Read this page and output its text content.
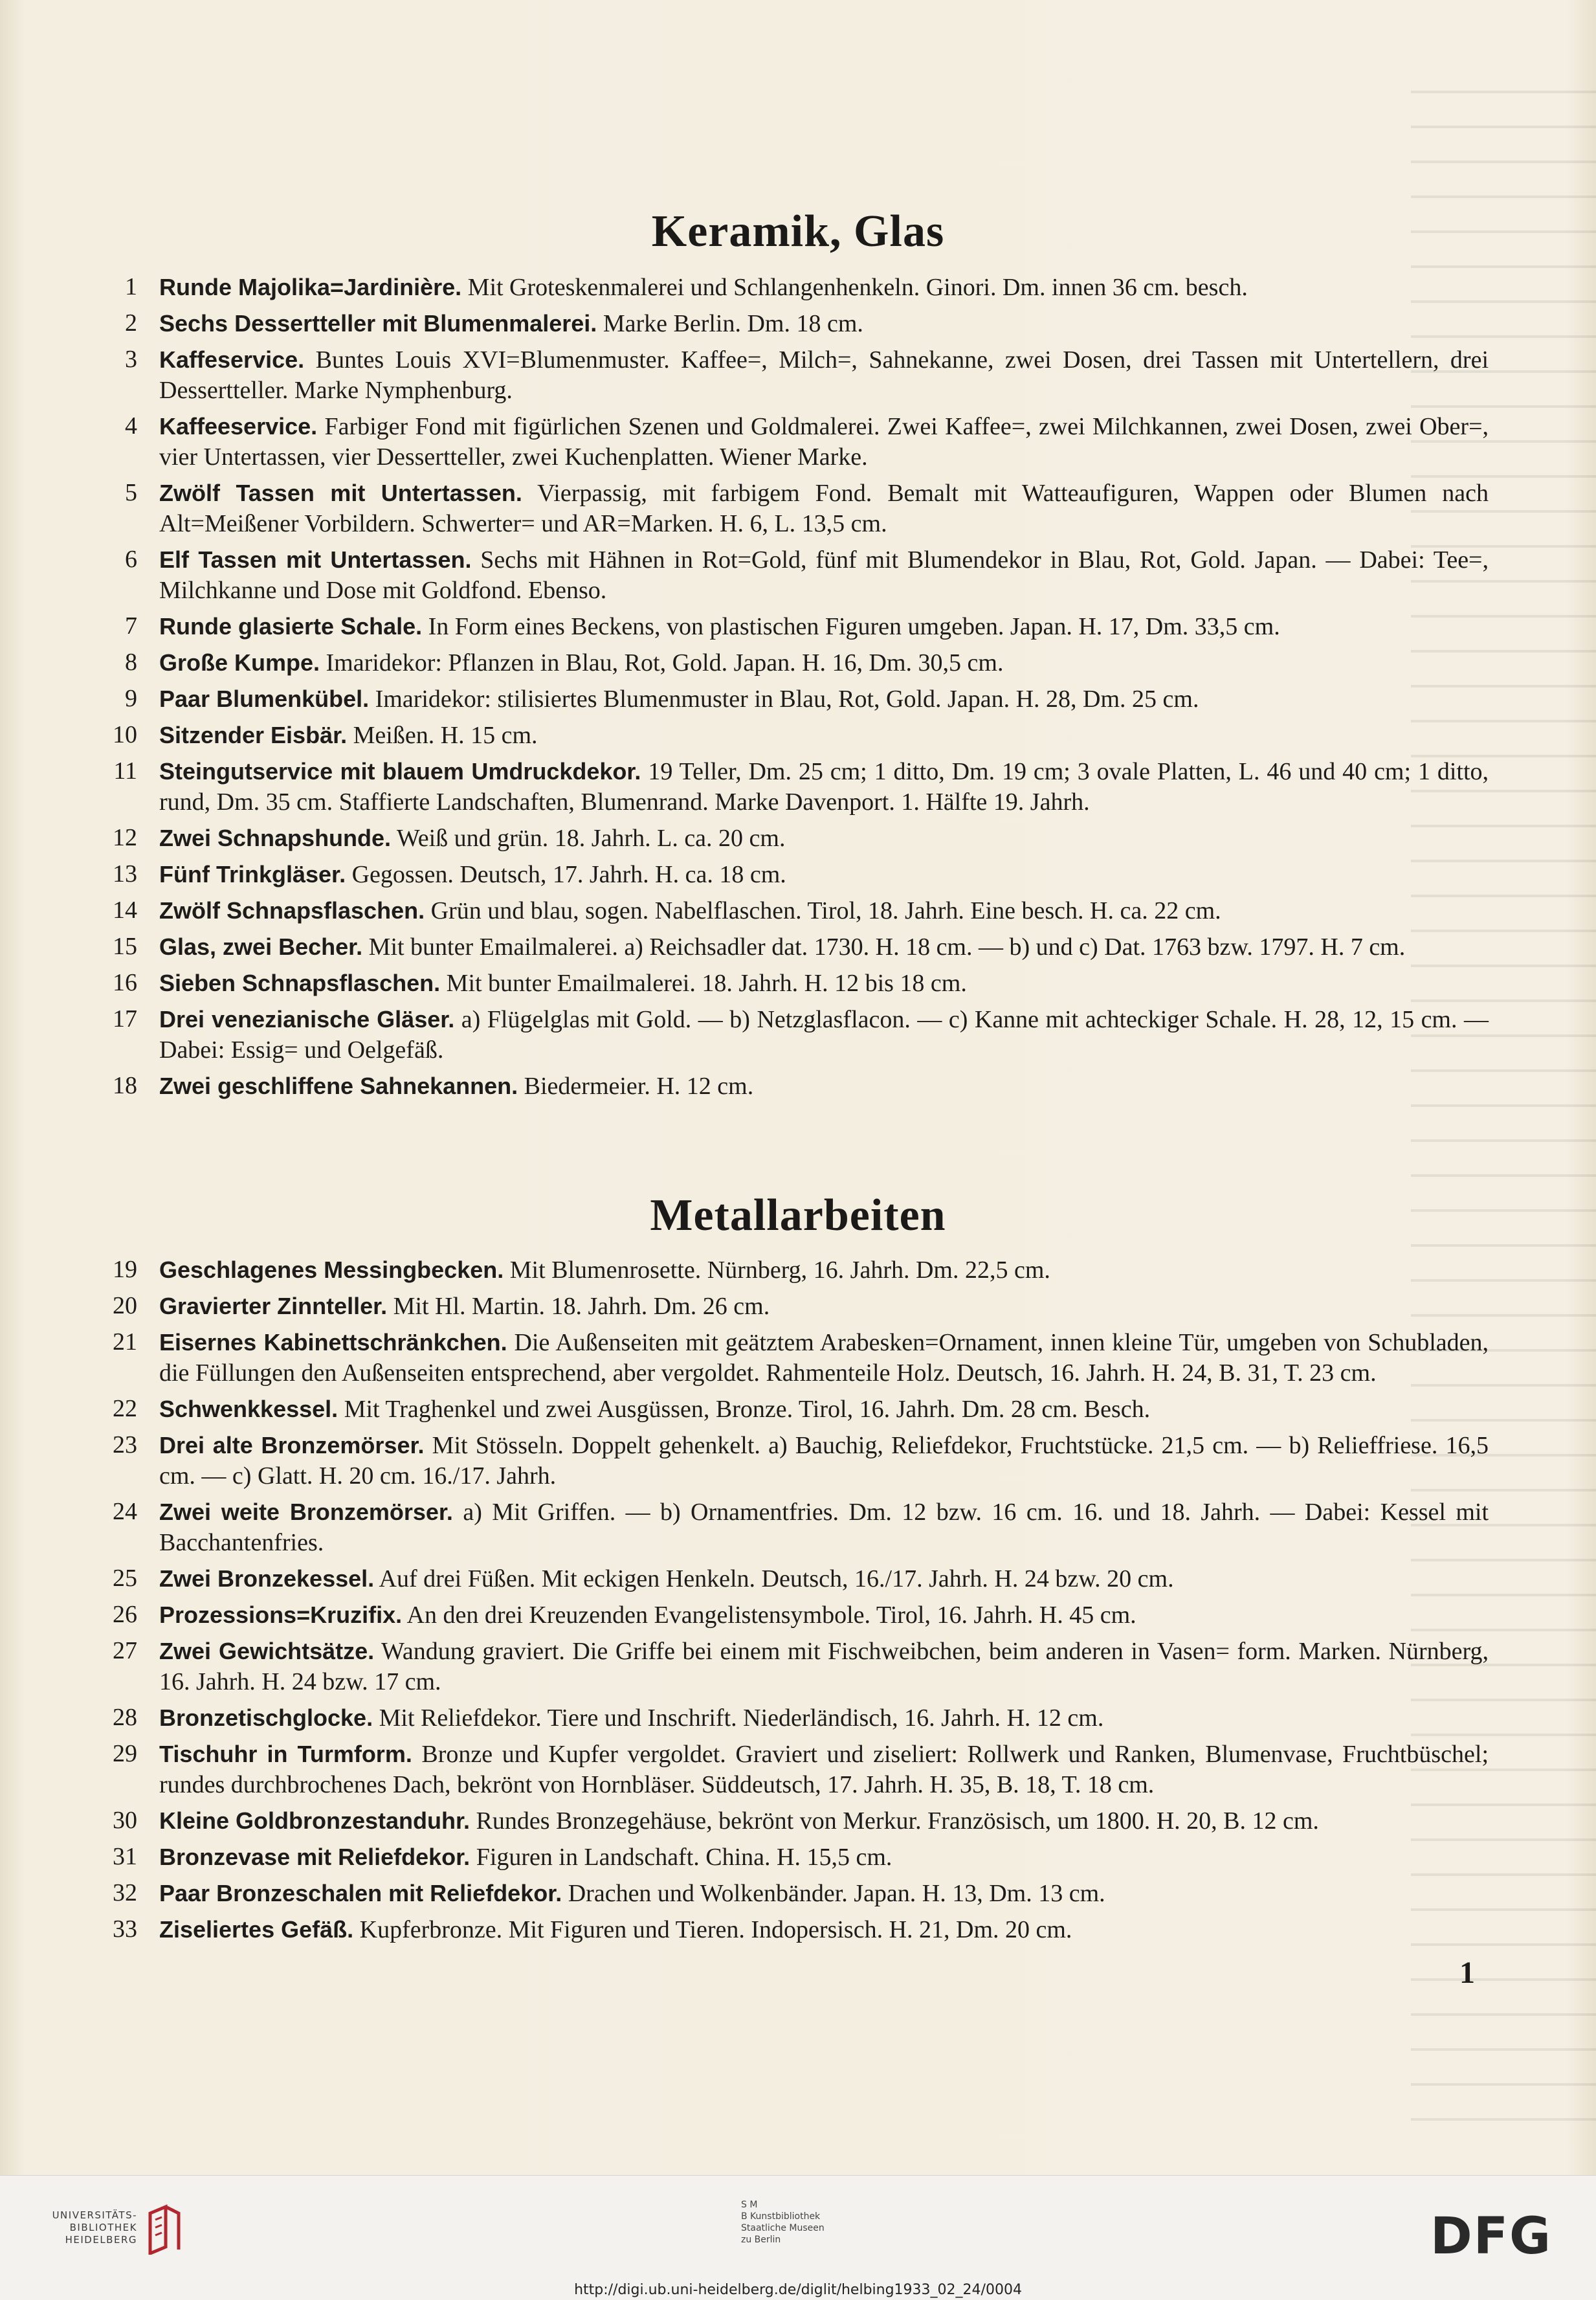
Keramik, Glas
1 Runde Majolika=Jardinière. Mit Groteskenmalerei und Schlangenhenkeln. Ginori. Dm. innen 36 cm. besch.
2 Sechs Dessertteller mit Blumenmalerei. Marke Berlin. Dm. 18 cm.
3 Kaffeservice. Buntes Louis XVI=Blumenmuster. Kaffee=, Milch=, Sahnekanne, zwei Dosen, drei Tassen mit Untertellern, drei Dessertteller. Marke Nymphenburg.
4 Kaffeeservice. Farbiger Fond mit figürlichen Szenen und Goldmalerei. Zwei Kaffee=, zwei Milchkannen, zwei Dosen, zwei Ober=, vier Untertassen, vier Dessertteller, zwei Kuchenplatten. Wiener Marke.
5 Zwölf Tassen mit Untertassen. Vierpassig, mit farbigem Fond. Bemalt mit Watteaufiguren, Wappen oder Blumen nach Alt=Meißener Vorbildern. Schwerter= und AR=Marken. H. 6, L. 13,5 cm.
6 Elf Tassen mit Untertassen. Sechs mit Hähnen in Rot=Gold, fünf mit Blumendekor in Blau, Rot, Gold. Japan. — Dabei: Tee=, Milchkanne und Dose mit Goldfond. Ebenso.
7 Runde glasierte Schale. In Form eines Beckens, von plastischen Figuren umgeben. Japan. H. 17, Dm. 33,5 cm.
8 Große Kumpe. Imaridekor: Pflanzen in Blau, Rot, Gold. Japan. H. 16, Dm. 30,5 cm.
9 Paar Blumenkübel. Imaridekor: stilisiertes Blumenmuster in Blau, Rot, Gold. Japan. H. 28, Dm. 25 cm.
10 Sitzender Eisbär. Meißen. H. 15 cm.
11 Steingutservice mit blauem Umdruckdekor. 19 Teller, Dm. 25 cm; 1 ditto, Dm. 19 cm; 3 ovale Platten, L. 46 und 40 cm; 1 ditto, rund, Dm. 35 cm. Staffierte Landschaften, Blumenrand. Marke Davenport. 1. Hälfte 19. Jahrh.
12 Zwei Schnapshunde. Weiß und grün. 18. Jahrh. L. ca. 20 cm.
13 Fünf Trinkgläser. Gegossen. Deutsch, 17. Jahrh. H. ca. 18 cm.
14 Zwölf Schnapsflaschen. Grün und blau, sogen. Nabelflaschen. Tirol, 18. Jahrh. Eine besch. H. ca. 22 cm.
15 Glas, zwei Becher. Mit bunter Emailmalerei. a) Reichsadler dat. 1730. H. 18 cm. — b) und c) Dat. 1763 bzw. 1797. H. 7 cm.
16 Sieben Schnapsflaschen. Mit bunter Emailmalerei. 18. Jahrh. H. 12 bis 18 cm.
17 Drei venezianische Gläser. a) Flügelglas mit Gold. — b) Netzglasflacon. — c) Kanne mit achteckiger Schale. H. 28, 12, 15 cm. — Dabei: Essig= und Oelgefäß.
18 Zwei geschliffene Sahnekannen. Biedermeier. H. 12 cm.
Metallarbeiten
19 Geschlagenes Messingbecken. Mit Blumenrosette. Nürnberg, 16. Jahrh. Dm. 22,5 cm.
20 Gravierter Zinnteller. Mit Hl. Martin. 18. Jahrh. Dm. 26 cm.
21 Eisernes Kabinettschränkchen. Die Außenseiten mit geätztem Arabesken=Ornament, innen kleine Tür, umgeben von Schubladen, die Füllungen den Außenseiten entsprechend, aber vergoldet. Rahmenteile Holz. Deutsch, 16. Jahrh. H. 24, B. 31, T. 23 cm.
22 Schwenkkessel. Mit Traghenkel und zwei Ausgüssen, Bronze. Tirol, 16. Jahrh. Dm. 28 cm. Besch.
23 Drei alte Bronzemörser. Mit Stösseln. Doppelt gehenkelt. a) Bauchig, Reliefdekor, Fruchtstücke. 21,5 cm. — b) Relieffriese. 16,5 cm. — c) Glatt. H. 20 cm. 16./17. Jahrh.
24 Zwei weite Bronzemörser. a) Mit Griffen. — b) Ornamentfries. Dm. 12 bzw. 16 cm. 16. und 18. Jahrh. — Dabei: Kessel mit Bacchantenfries.
25 Zwei Bronzekessel. Auf drei Füßen. Mit eckigen Henkeln. Deutsch, 16./17. Jahrh. H. 24 bzw. 20 cm.
26 Prozessions=Kruzifix. An den drei Kreuzenden Evangelistensymbole. Tirol, 16. Jahrh. H. 45 cm.
27 Zwei Gewichtsätze. Wandung graviert. Die Griffe bei einem mit Fischweibchen, beim anderen in Vasen= form. Marken. Nürnberg, 16. Jahrh. H. 24 bzw. 17 cm.
28 Bronzetischglocke. Mit Reliefdekor. Tiere und Inschrift. Niederländisch, 16. Jahrh. H. 12 cm.
29 Tischuhr in Turmform. Bronze und Kupfer vergoldet. Graviert und ziseliert: Rollwerk und Ranken, Blumenvase, Fruchtbüschel; rundes durchbrochenes Dach, bekrönt von Hornbläser. Süddeutsch, 17. Jahrh. H. 35, B. 18, T. 18 cm.
30 Kleine Goldbronzestanduhr. Rundes Bronzegehäuse, bekrönt von Merkur. Französisch, um 1800. H. 20, B. 12 cm.
31 Bronzevase mit Reliefdekor. Figuren in Landschaft. China. H. 15,5 cm.
32 Paar Bronzeschalen mit Reliefdekor. Drachen und Wolkenbänder. Japan. H. 13, Dm. 13 cm.
33 Ziseliertes Gefäß. Kupferbronze. Mit Figuren und Tieren. Indopersisch. H. 21, Dm. 20 cm.
1
UNIVERSITÄTS-
BIBLIOTHEK
HEIDELBERG
S M
B Kunstbibliothek
Staatliche Museen
zu Berlin	DFG
http://digi.ub.uni-heidelberg.de/diglit/helbing1933_02_24/0004
